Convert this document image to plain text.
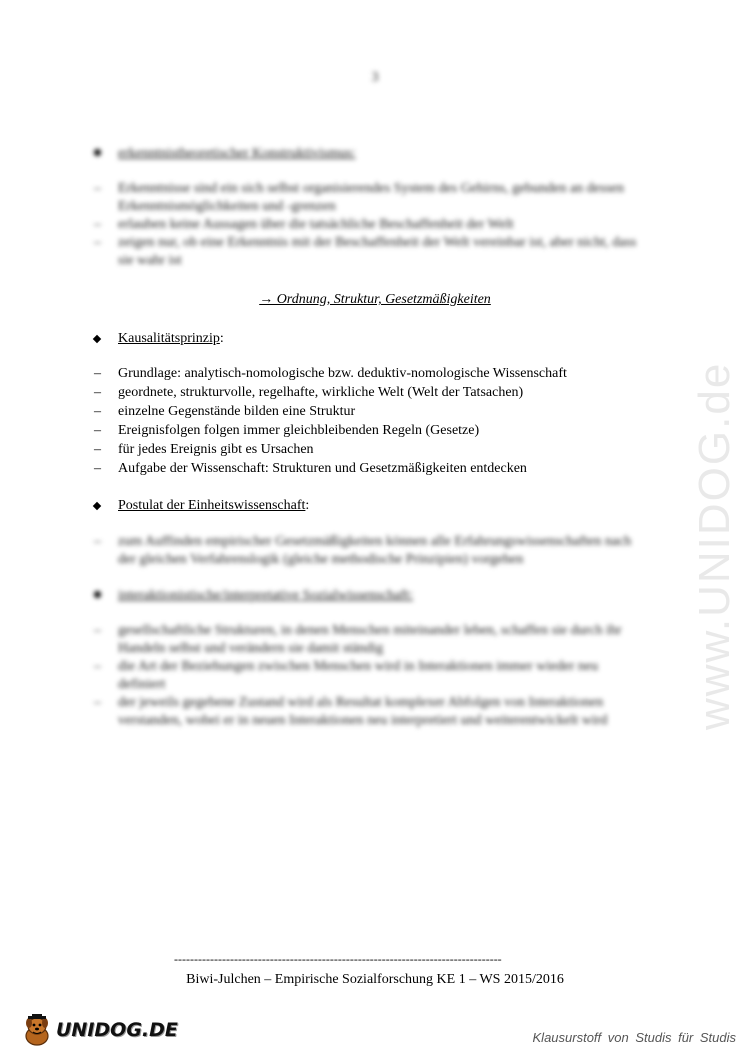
3
erkenntnistheoretischer Konstruktivismus:
– Erkenntnisse sind ein sich selbst organisierendes System des Gehirns, gebunden an dessen
Erkenntnismöglichkeiten und -grenzen
– erlauben keine Aussagen über die tatsächliche Beschaffenheit der Welt
– zeigen nur, ob eine Erkenntnis mit der Beschaffenheit der Welt vereinbar ist, aber nicht, dass
sie wahr ist
→ Ordnung, Struktur, Gesetzmäßigkeiten
Kausalitätsprinzip:
– Grundlage: analytisch-nomologische bzw. deduktiv-nomologische Wissenschaft
– geordnete, strukturvolle, regelhafte, wirkliche Welt (Welt der Tatsachen)
– einzelne Gegenstände bilden eine Struktur
– Ereignisfolgen folgen immer gleichbleibenden Regeln (Gesetze)
– für jedes Ereignis gibt es Ursachen
– Aufgabe der Wissenschaft: Strukturen und Gesetzmäßigkeiten entdecken
Postulat der Einheitswissenschaft:
– zum Auffinden empirischer Gesetzmäßigkeiten können alle Erfahrungswissenschaften nach
der gleichen Verfahrenslogik (gleiche methodische Prinzipien) vorgehen
interaktionistische/interpretative Sozialwissenschaft:
– gesellschaftliche Strukturen, in denen Menschen miteinander leben, schaffen sie durch ihr
Handeln selbst und verändern sie damit ständig
– die Art der Beziehungen zwischen Menschen wird in Interaktionen immer wieder neu
definiert
– der jeweils gegebene Zustand wird als Resultat komplexer Abfolgen von Interaktionen
verstanden, wobei er in neuen Interaktionen neu interpretiert und weiterentwickelt wird www.UNIDOG.de
----------------------------------------------------------------------------------
Biwi-Julchen – Empirische Sozialforschung KE 1 – WS 2015/2016
UNIDOG.DE	Klausurstoff von Studis für Studis
